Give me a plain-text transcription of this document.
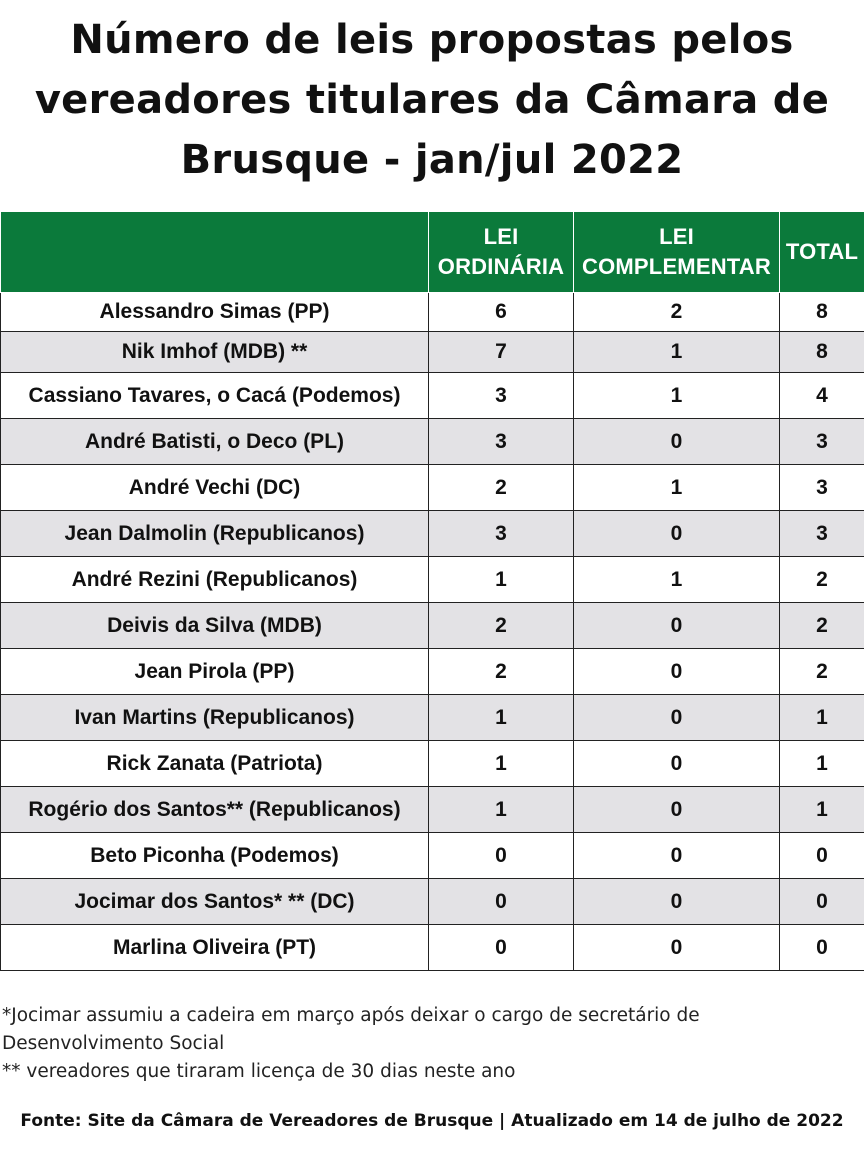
Número de leis propostas pelos
vereadores titulares da Câmara de
Brusque - jan/jul 2022

	LEI
ORDINÁRIA	LEI
COMPLEMENTAR	TOTAL

Alessandro Simas (PP)	6	2	8
Nik Imhof (MDB) **	7	1	8
Cassiano Tavares, o Cacá (Podemos)	3	1	4
André Batisti, o Deco (PL)	3	0	3
André Vechi (DC)	2	1	3
Jean Dalmolin (Republicanos)	3	0	3
André Rezini (Republicanos)	1	1	2
Deivis da Silva (MDB)	2	0	2
Jean Pirola (PP)	2	0	2
Ivan Martins (Republicanos)	1	0	1
Rick Zanata (Patriota)	1	0	1
Rogério dos Santos** (Republicanos)	1	0	1
Beto Piconha (Podemos)	0	0	0
Jocimar dos Santos* ** (DC)	0	0	0
Marlina Oliveira (PT)	0	0	0
*Jocimar assumiu a cadeira em março após deixar o cargo de secretário de
Desenvolvimento Social
** vereadores que tiraram licença de 30 dias neste ano
Fonte: Site da Câmara de Vereadores de Brusque | Atualizado em 14 de julho de 2022
